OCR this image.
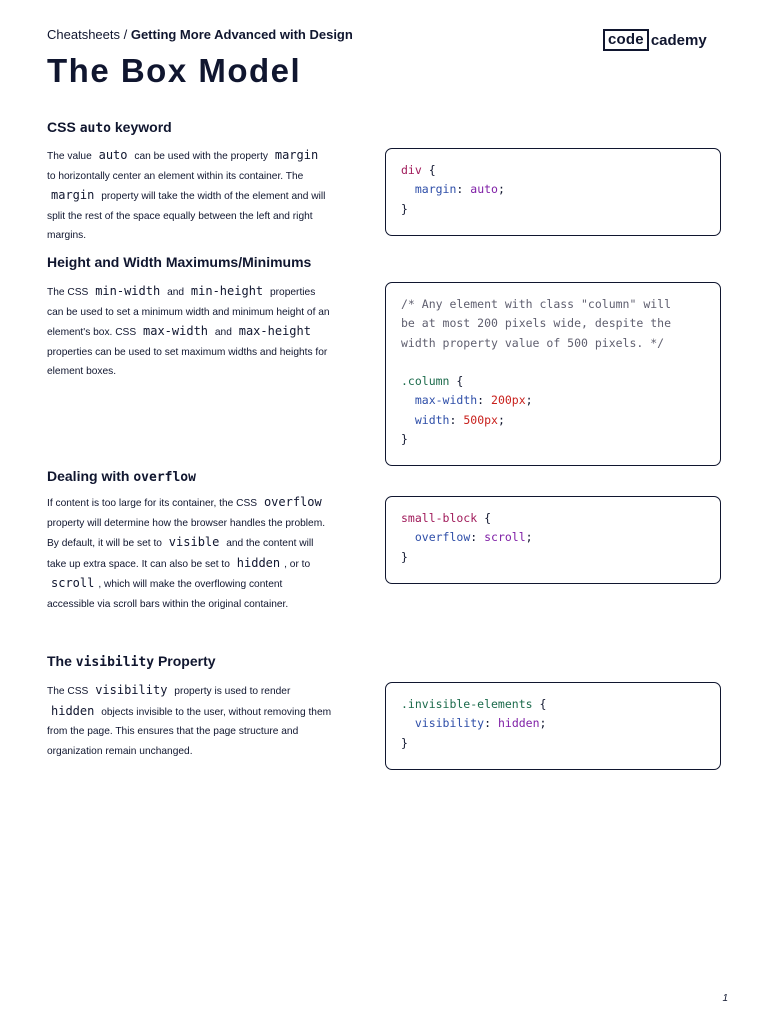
Cheatsheets / Getting More Advanced with Design	code cademy
The Box Model
CSS auto keyword

The value auto can be used with the property margin to horizontally center an element within its container. The margin property will take the width of the element and will split the rest of the space equally between the left and right margins.

div {
margin: auto;
}
Height and Width Maximums/Minimums

The CSS min-width and min-height properties can be used to set a minimum width and minimum height of an element's box. CSS max-width and max-height properties can be used to set maximum widths and heights for element boxes.

/* Any element with class "column" will
be at most 200 pixels wide, despite the
width property value of 500 pixels. */

.column {
max-width: 200px;
width: 500px;
}
Dealing with overflow

If content is too large for its container, the CSS overflow property will determine how the browser handles the problem.

By default, it will be set to visible and the content will take up extra space. It can also be set to hidden , or to scroll , which will make the overflowing content accessible via scroll bars within the original container.

small-block {
overflow: scroll;
}
The visibility Property

The CSS visibility property is used to render hidden objects invisible to the user, without removing them from the page. This ensures that the page structure and organization remain unchanged.

.invisible-elements {
visibility: hidden;
}
1
